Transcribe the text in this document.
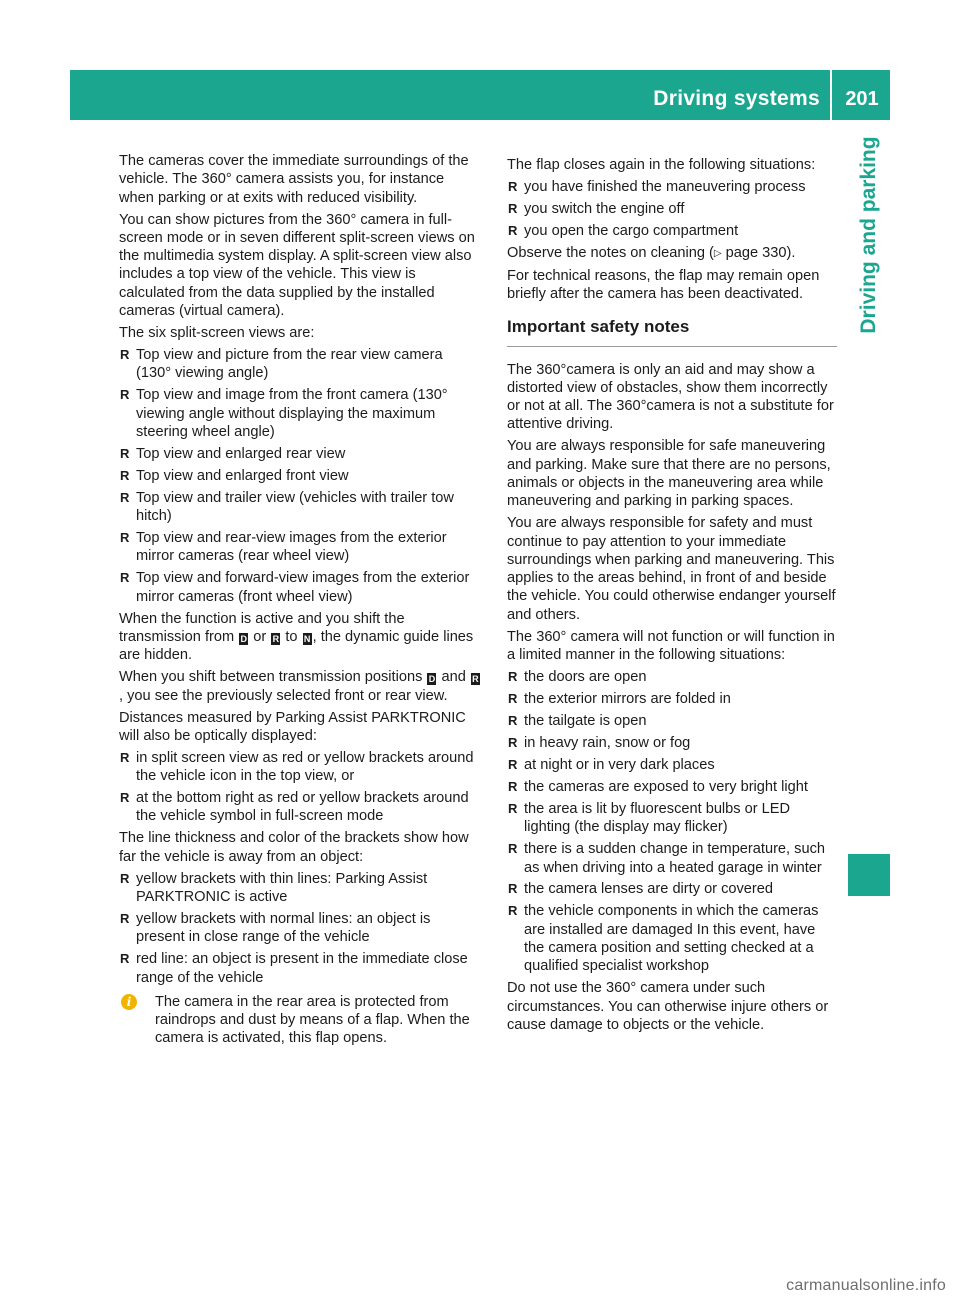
Driving systems	201
Driving and parking

The cameras cover the immediate surroundings of the vehicle. The 360° camera assists you, for instance when parking or at exits with reduced visibility.

You can show pictures from the 360° camera in full-screen mode or in seven different split-screen views on the multimedia system display. A split-screen view also includes a top view of the vehicle. This view is calculated from the data supplied by the installed cameras (virtual camera).

The six split-screen views are:

R Top view and picture from the rear view camera (130° viewing angle)
R Top view and image from the front camera (130° viewing angle without displaying the maximum steering wheel angle)
R Top view and enlarged rear view
R Top view and enlarged front view
R Top view and trailer view (vehicles with trailer tow hitch)
R Top view and rear-view images from the exterior mirror cameras (rear wheel view)
R Top view and forward-view images from the exterior mirror cameras (front wheel view)

When the function is active and you shift the transmission from D or R to N , the dynamic guide lines are hidden.

When you shift between transmission positions D and R, you see the previously selected front or rear view.

Distances measured by Parking Assist PARKTRONIC will also be optically displayed:

R in split screen view as red or yellow brackets around the vehicle icon in the top view, or
R at the bottom right as red or yellow brackets around the vehicle symbol in full-screen mode

The line thickness and color of the brackets show how far the vehicle is away from an object:

R yellow brackets with thin lines: Parking Assist PARKTRONIC is active
R yellow brackets with normal lines: an object is present in close range of the vehicle
R red line: an object is present in the immediate close range of the vehicle
i	The camera in the rear area is protected from raindrops and dust by means of a flap. When the camera is activated, this flap opens.

The flap closes again in the following situations:

R you have finished the maneuvering process
R you switch the engine off
R you open the cargo compartment

Observe the notes on cleaning (▷ page 330).

For technical reasons, the flap may remain open briefly after the camera has been deactivated.

Important safety notes

The 360°camera is only an aid and may show a distorted view of obstacles, show them incorrectly or not at all. The 360°camera is not a substitute for attentive driving.

You are always responsible for safe maneuvering and parking. Make sure that there are no persons, animals or objects in the maneuvering area while maneuvering and parking in parking spaces.

You are always responsible for safety and must continue to pay attention to your immediate surroundings when parking and maneuvering. This applies to the areas behind, in front of and beside the vehicle. You could otherwise endanger yourself and others.

The 360° camera will not function or will function in a limited manner in the following situations:

R the doors are open
R the exterior mirrors are folded in
R the tailgate is open
R in heavy rain, snow or fog
R at night or in very dark places
R the cameras are exposed to very bright light
R the area is lit by fluorescent bulbs or LED lighting (the display may flicker)
R there is a sudden change in temperature, such as when driving into a heated garage in winter
R the camera lenses are dirty or covered
R the vehicle components in which the cameras are installed are damaged In this event, have the camera position and setting checked at a qualified specialist workshop

Do not use the 360° camera under such circumstances. You can otherwise injure others or cause damage to objects or the vehicle.

carmanualsonline.info
